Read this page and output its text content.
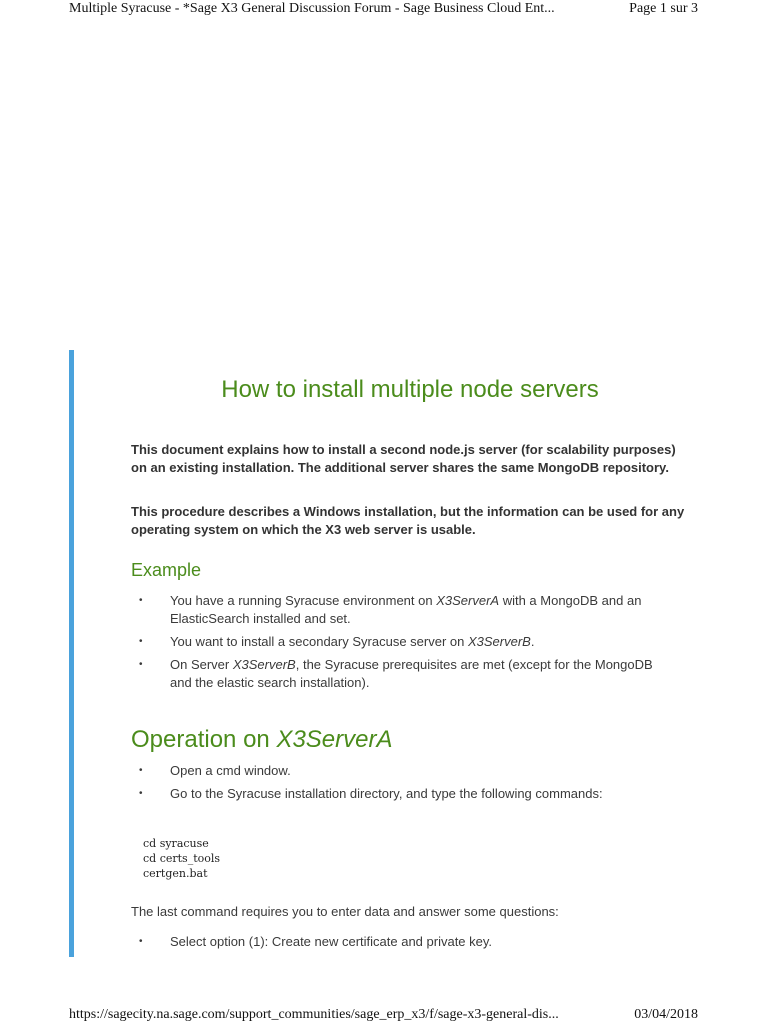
Multiple Syracuse - *Sage X3 General Discussion Forum - Sage Business Cloud Ent...	Page 1 sur 3
How to install multiple node servers

This document explains how to install a second node.js server (for scalability purposes) on an existing installation. The additional server shares the same MongoDB repository.

This procedure describes a Windows installation, but the information can be used for any operating system on which the X3 web server is usable.

Example
• You have a running Syracuse environment on X3ServerA with a MongoDB and an ElasticSearch installed and set.
• You want to install a secondary Syracuse server on X3ServerB.
• On Server X3ServerB, the Syracuse prerequisites are met (except for the MongoDB and the elastic search installation).
Operation on X3ServerA
• Open a cmd window.
• Go to the Syracuse installation directory, and type the following commands:
cd syracuse
cd certs_tools
certgen.bat

The last command requires you to enter data and answer some questions:

• Select option (1): Create new certificate and private key.
https://sagecity.na.sage.com/support_communities/sage_erp_x3/f/sage-x3-general-dis...	03/04/2018
